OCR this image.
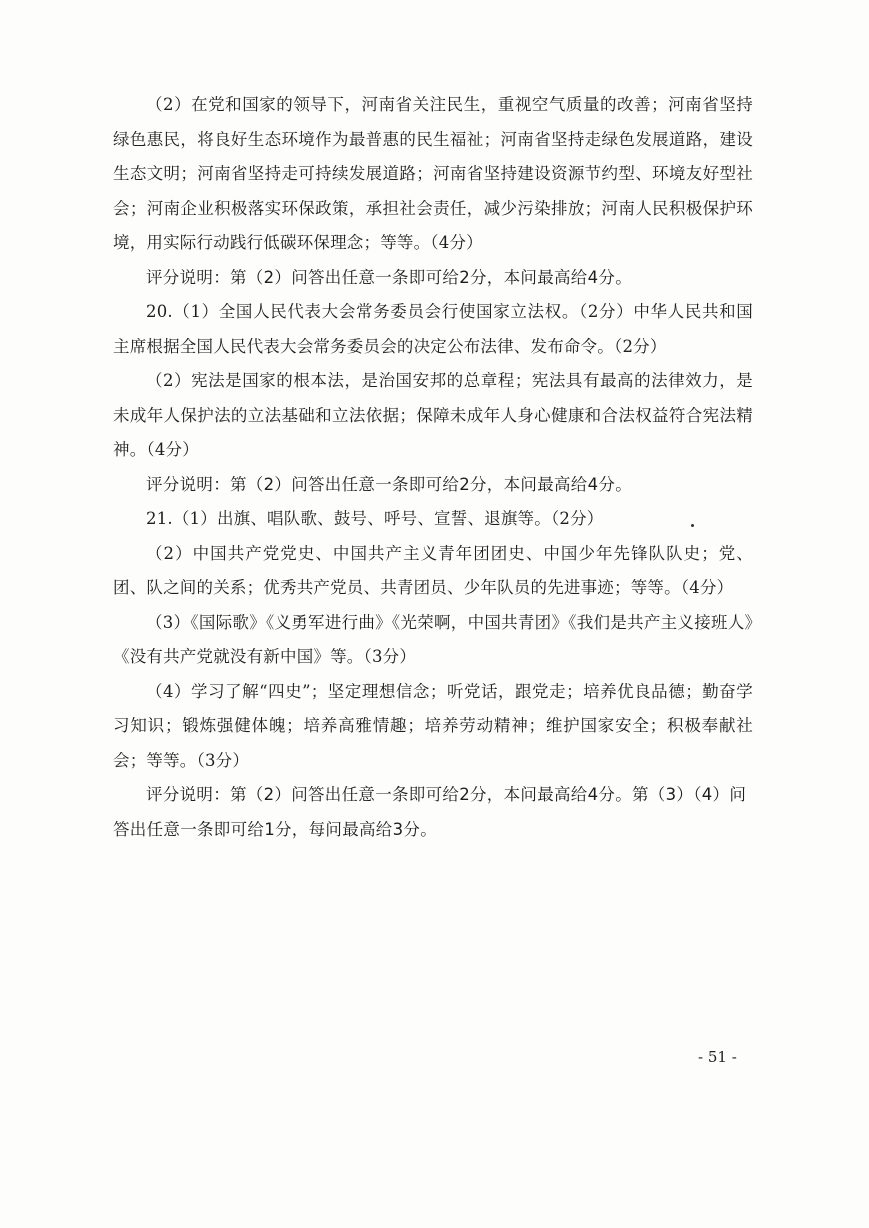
（2）在党和国家的领导下，河南省关注民生，重视空气质量的改善；河南省坚持绿色惠民，将良好生态环境作为最普惠的民生福祉；河南省坚持走绿色发展道路，建设生态文明；河南省坚持走可持续发展道路；河南省坚持建设资源节约型、环境友好型社会；河南企业积极落实环保政策，承担社会责任，减少污染排放；河南人民积极保护环境，用实际行动践行低碳环保理念；等等。（4分）

评分说明：第（2）问答出任意一条即可给2分，本问最高给4分。

20.（1）全国人民代表大会常务委员会行使国家立法权。（2分）中华人民共和国主席根据全国人民代表大会常务委员会的决定公布法律、发布命令。（2分）

（2）宪法是国家的根本法，是治国安邦的总章程；宪法具有最高的法律效力，是未成年人保护法的立法基础和立法依据；保障未成年人身心健康和合法权益符合宪法精神。（4分）

评分说明：第（2）问答出任意一条即可给2分，本问最高给4分。

21.（1）出旗、唱队歌、鼓号、呼号、宣誓、退旗等。（2分）

（2）中国共产党党史、中国共产主义青年团团史、中国少年先锋队队史；党、团、队之间的关系；优秀共产党员、共青团员、少年队员的先进事迹；等等。（4分）

（3）《国际歌》《义勇军进行曲》《光荣啊，中国共青团》《我们是共产主义接班人》《没有共产党就没有新中国》等。（3分）

（4）学习了解“四史”；坚定理想信念；听党话，跟党走；培养优良品德；勤奋学习知识；锻炼强健体魄；培养高雅情趣；培养劳动精神；维护国家安全；积极奉献社会；等等。（3分）

评分说明：第（2）问答出任意一条即可给2分，本问最高给4分。第（3）（4）问答出任意一条即可给1分，每问最高给3分。

- 51 -
